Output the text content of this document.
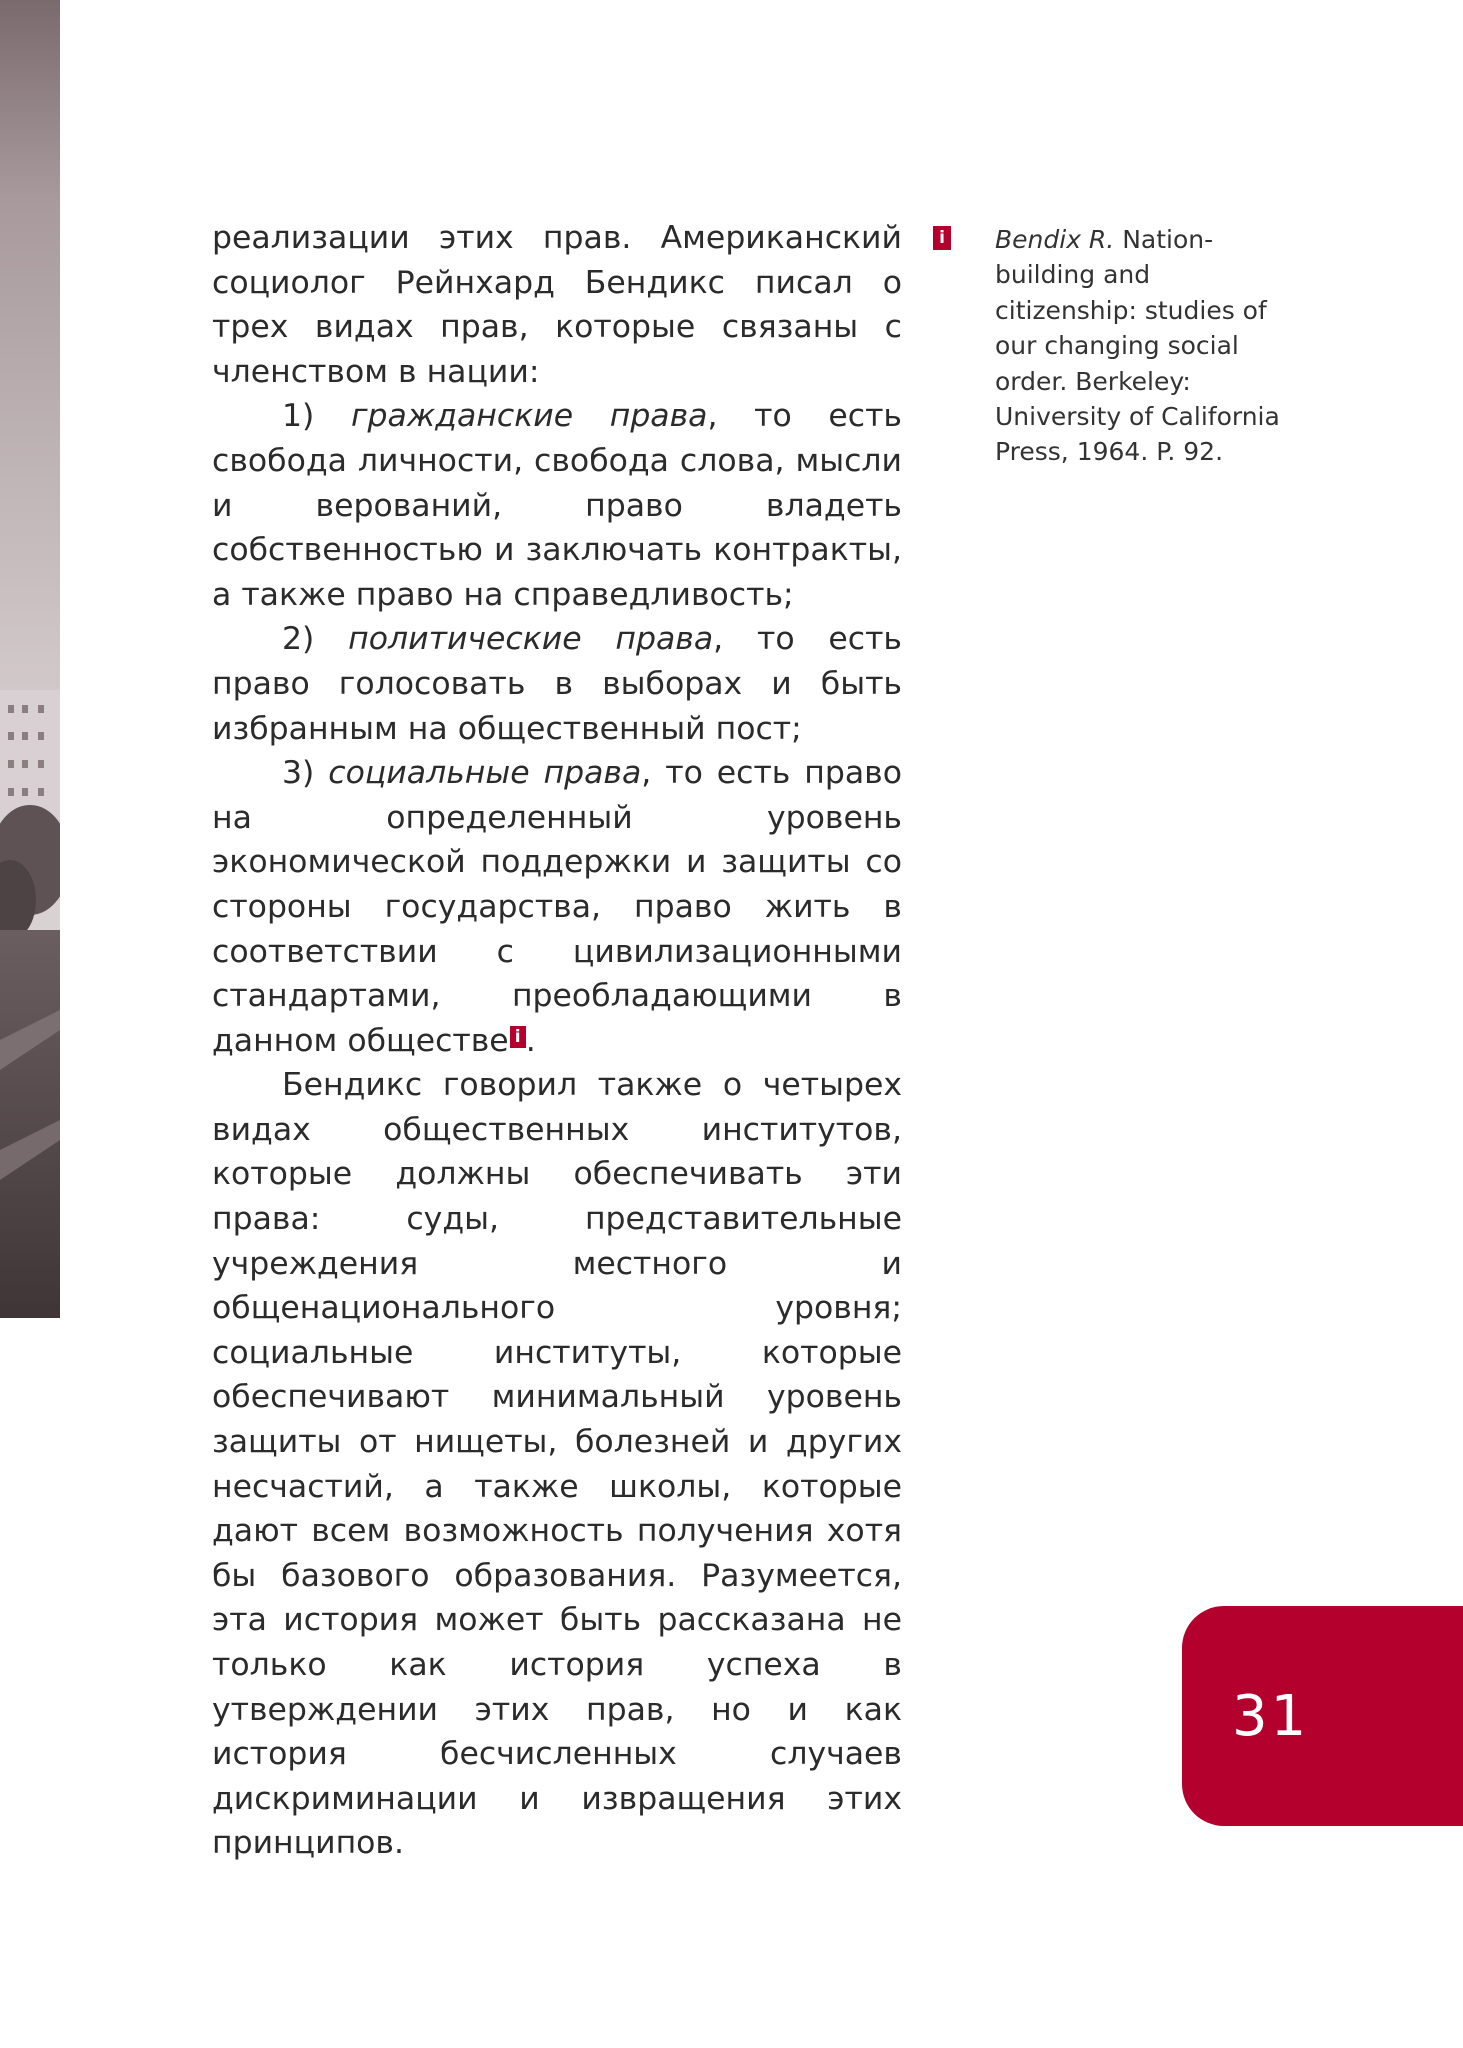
реализации этих прав. Американский социолог Рейнхард Бендикс писал о трех видах прав, которые связаны с членством в нации:

1) гражданские права, то есть свобода личности, свобода слова, мысли и верований, право владеть собственностью и заключать контракты, а также право на справедливость;

2) политические права, то есть право голосовать в выборах и быть избранным на общественный пост;

3) социальные права, то есть право на определенный уровень экономической поддержки и защиты со стороны государства, право жить в соответствии с цивилизационными стандартами, преобладающими в данном обществе i .

Бендикс говорил также о четырех видах общественных институтов, которые должны обеспечивать эти права: суды, представительные учреждения местного и общенационального уровня; социальные институты, которые обеспечивают минимальный уровень защиты от нищеты, болезней и других несчастий, а также школы, которые дают всем возможность получения хотя бы базового образования. Разумеется, эта история может быть рассказана не только как история успеха в утверждении этих прав, но и как история бесчисленных случаев дискриминации и извращения этих принципов.

i Bendix R. Nation-building and citizenship: studies of our changing social order. Berkeley: University of California Press, 1964. P. 92.
31
